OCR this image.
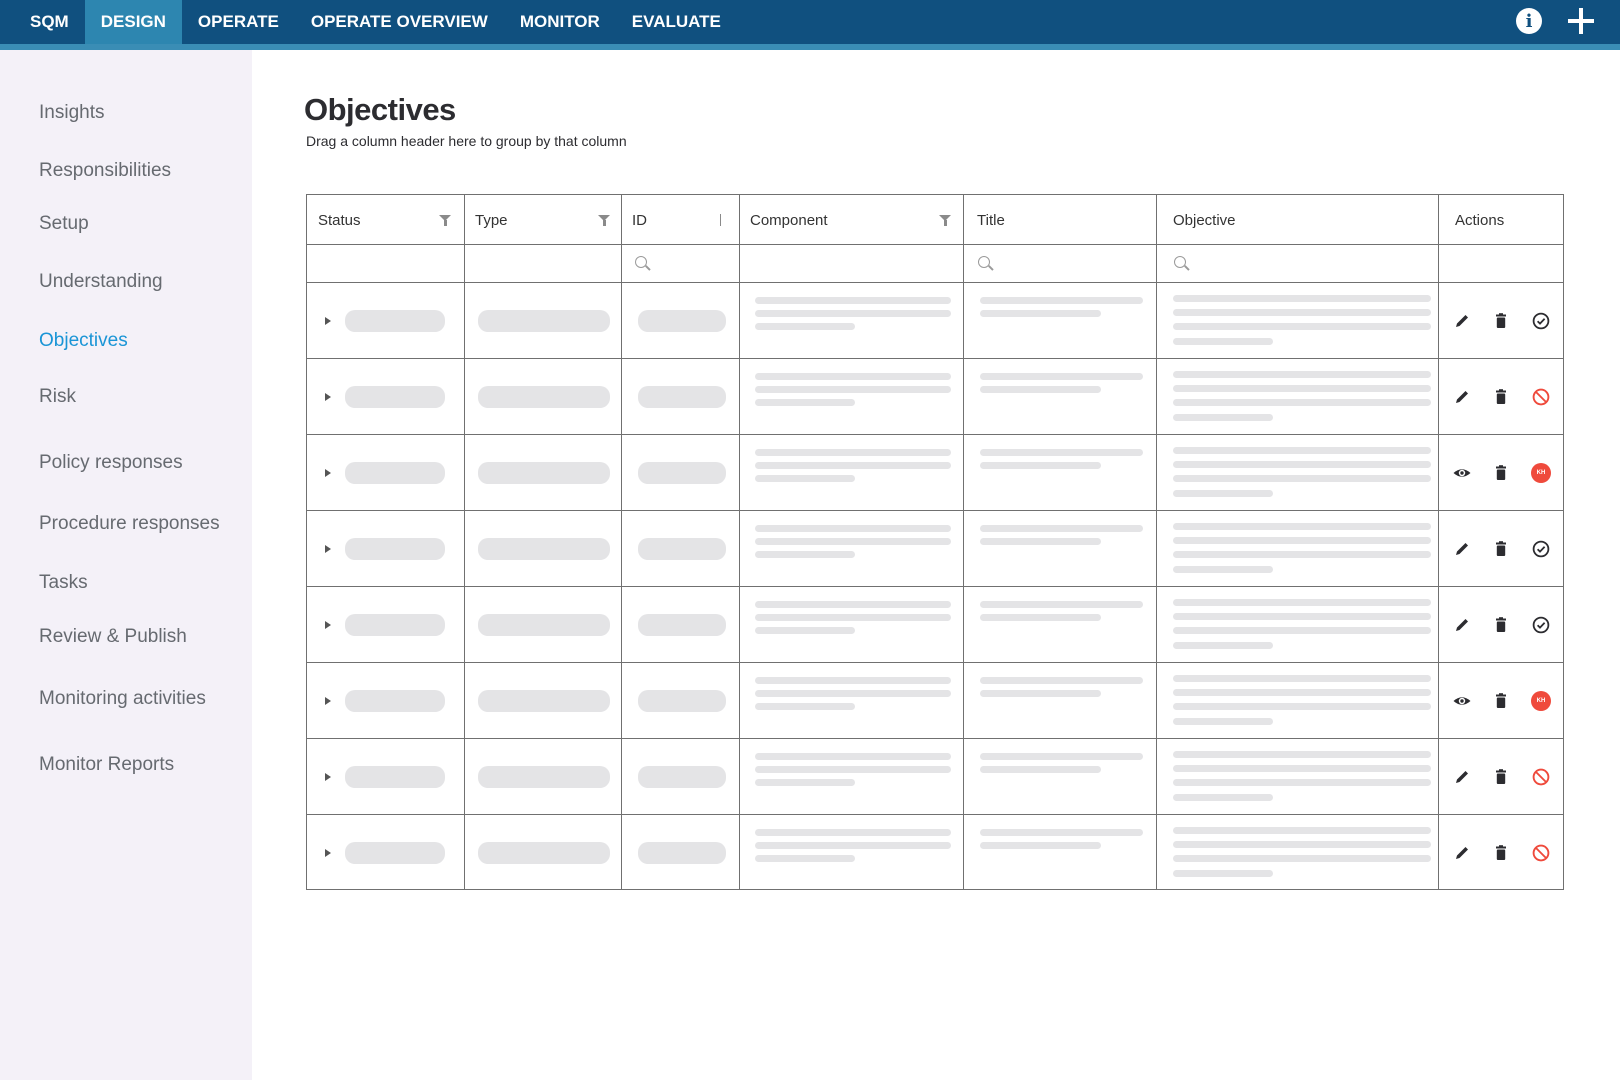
SQM	DESIGN	OPERATE	OPERATE OVERVIEW	MONITOR	EVALUATE	i
Insights
Responsibilities
Setup
Understanding
Objectives
Risk
Policy responses
Procedure responses
Tasks
Review & Publish
Monitoring activities
Monitor Reports
Objectives
Drag a column header here to group by that column
Status	Type	ID	Component	Title	Objective	Actions
KH
KH
